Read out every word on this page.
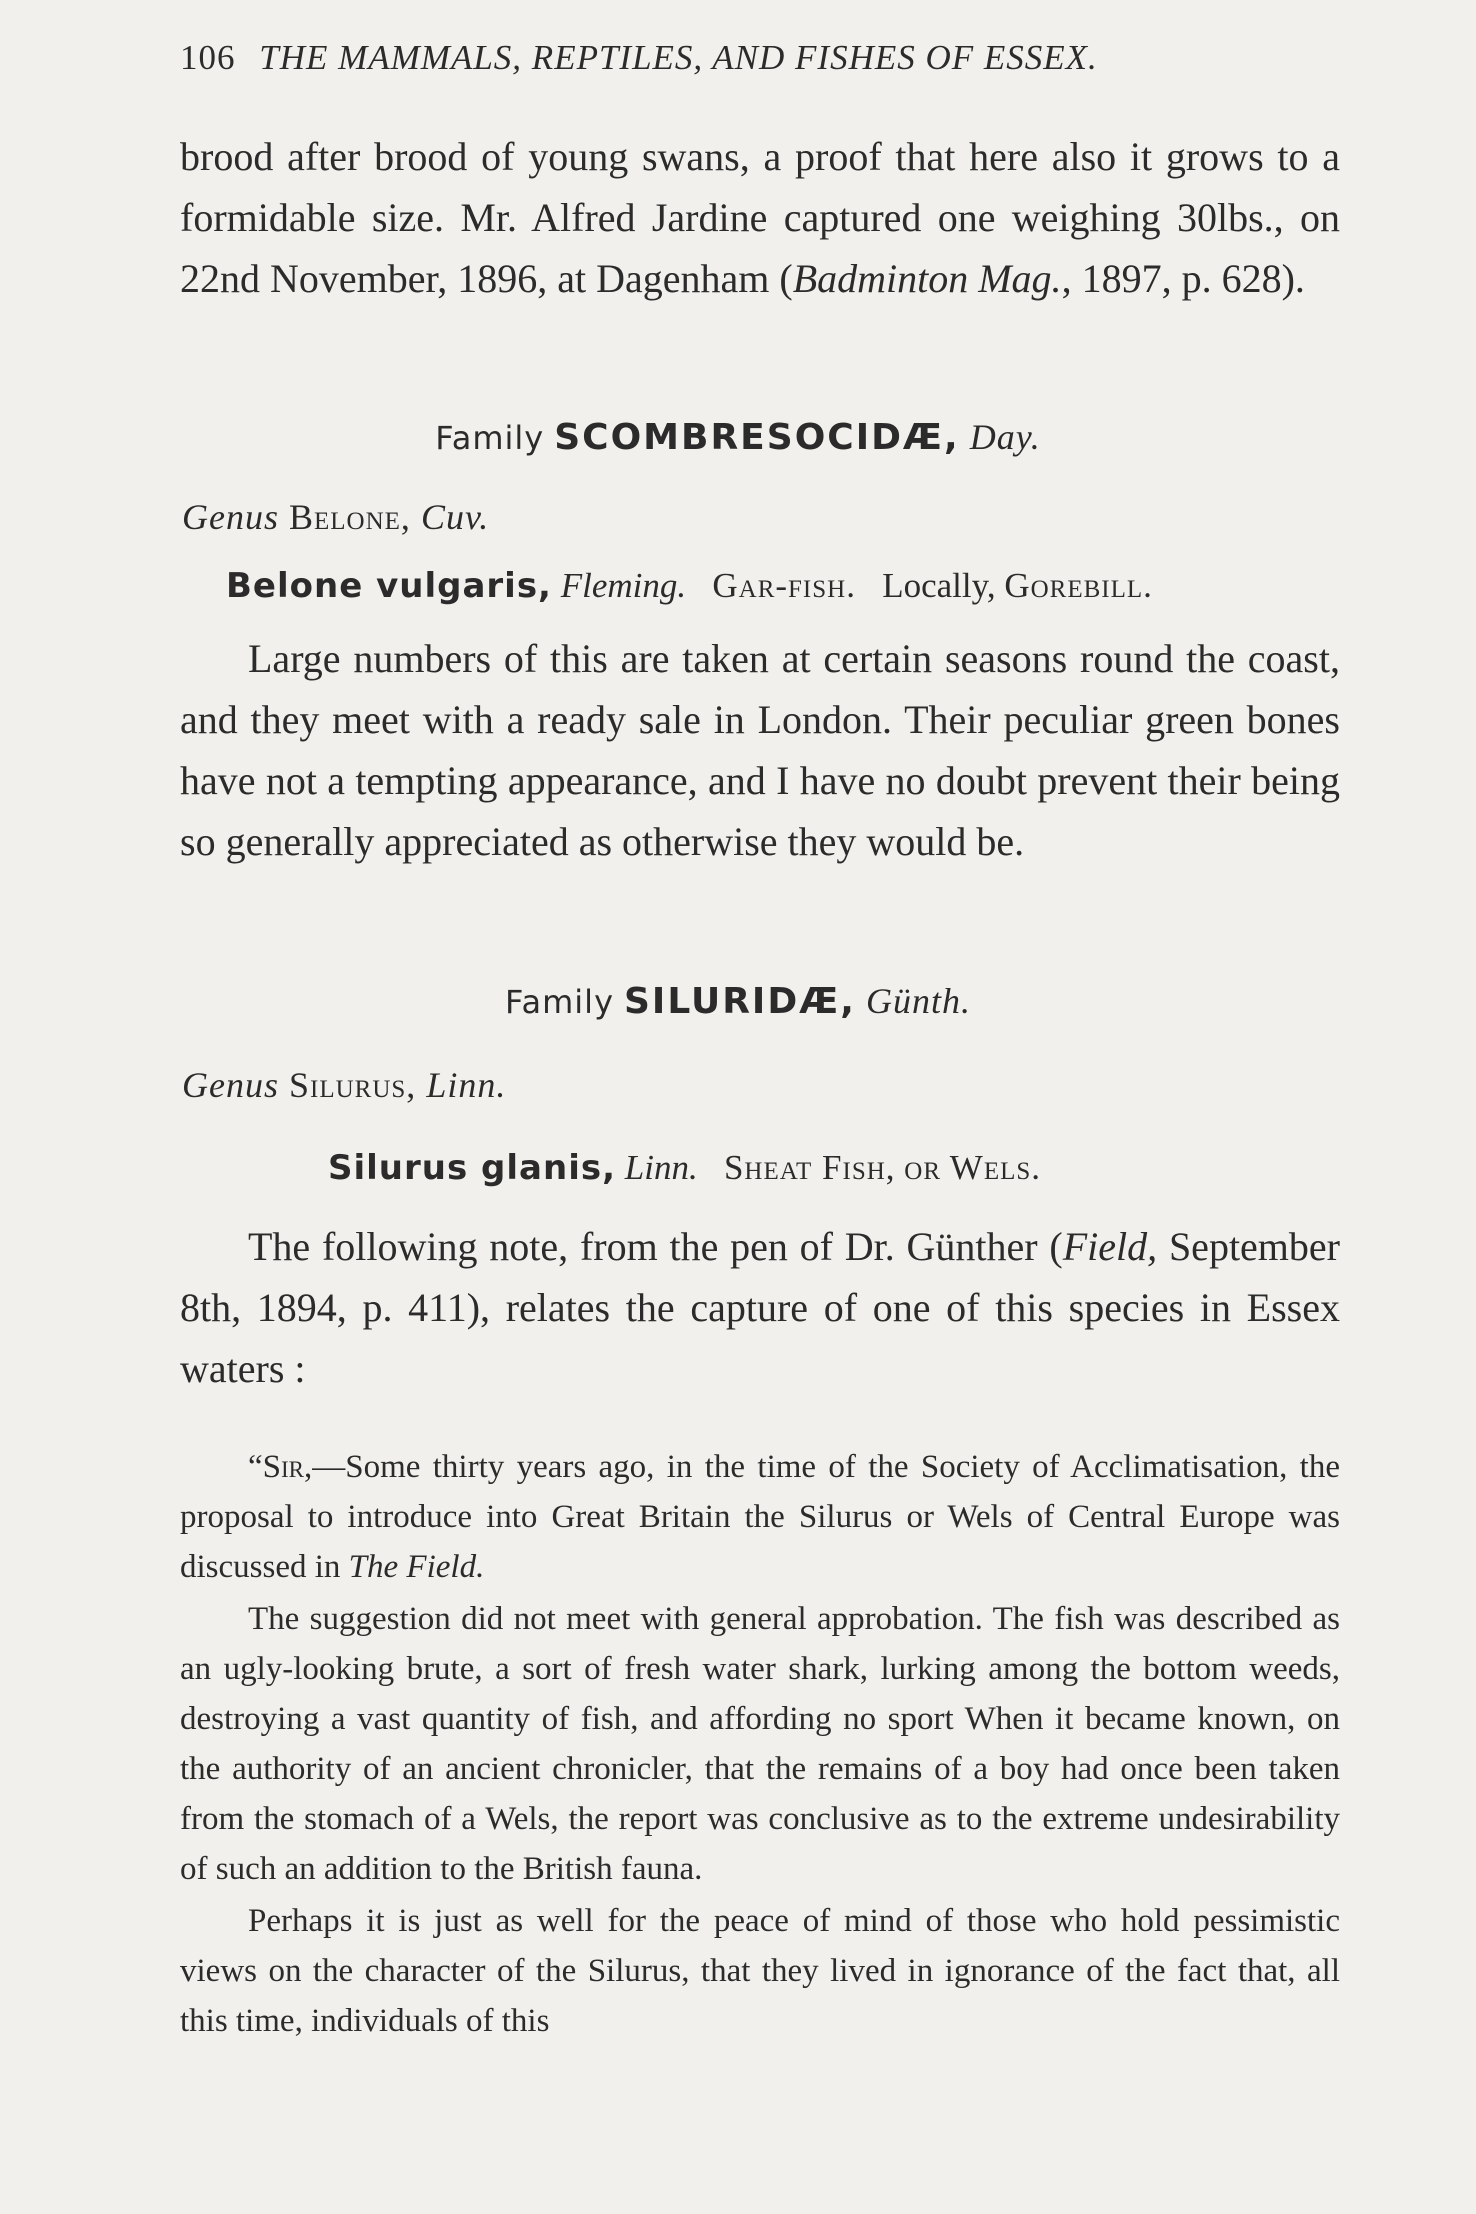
106 THE MAMMALS, REPTILES, AND FISHES OF ESSEX.

brood after brood of young swans, a proof that here also it grows to a formidable size. Mr. Alfred Jardine captured one weighing 30lbs., on 22nd November, 1896, at Dagenham (Badminton Mag., 1897, p. 628).

Family SCOMBRESOCIDÆ, Day.
Genus Belone, Cuv.
Belone vulgaris, Fleming. Gar-fish. Locally, Gorebill.

Large numbers of this are taken at certain seasons round the coast, and they meet with a ready sale in London. Their peculiar green bones have not a tempting appearance, and I have no doubt prevent their being so generally appreciated as otherwise they would be.

Family SILURIDÆ, Günth.
Genus Silurus, Linn.
Silurus glanis, Linn. Sheat Fish, or Wels.

The following note, from the pen of Dr. Günther (Field, September 8th, 1894, p. 411), relates the capture of one of this species in Essex waters :

“Sir,—Some thirty years ago, in the time of the Society of Acclimatisation, the proposal to introduce into Great Britain the Silurus or Wels of Central Europe was discussed in The Field.

The suggestion did not meet with general approbation. The fish was described as an ugly-looking brute, a sort of fresh water shark, lurking among the bottom weeds, destroying a vast quantity of fish, and affording no sport When it became known, on the authority of an ancient chronicler, that the remains of a boy had once been taken from the stomach of a Wels, the report was conclusive as to the extreme undesirability of such an addition to the British fauna.

Perhaps it is just as well for the peace of mind of those who hold pessimistic views on the character of the Silurus, that they lived in ignorance of the fact that, all this time, individuals of this
